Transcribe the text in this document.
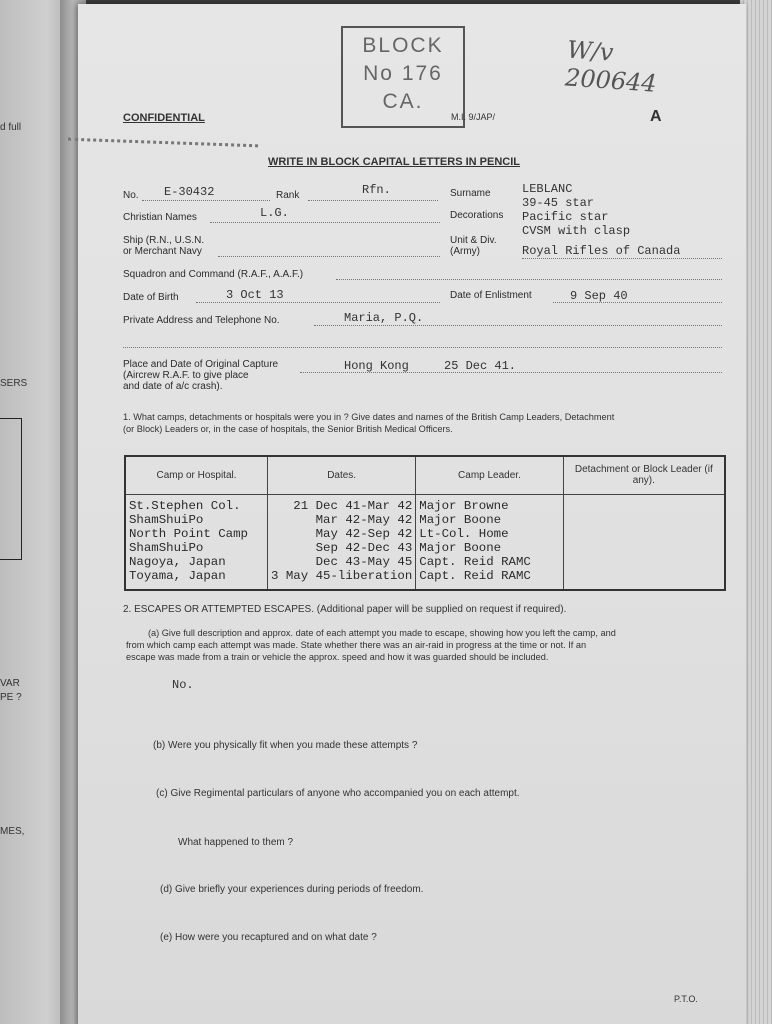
d full
SERS
VAR
PE ?
MES,
BLOCK
No 176
CA.
W/v 200644
A
CONFIDENTIAL	M.I. 9/JAP/
WRITE IN BLOCK CAPITAL LETTERS IN PENCIL
No. E-30432	Rank	Rfn.	Surname	LEBLANC
Christian Names	L.G.	Decorations
39-45 star
Pacific star
CVSM with clasp
Ship (R.N., U.S.N.
or Merchant Navy
Unit & Div.
(Army)	Royal Rifles of Canada
Squadron and Command (R.A.F., A.A.F.)
Date of Birth	3 Oct 13	Date of Enlistment	9 Sep 40
Private Address and Telephone No.	Maria, P.Q.
Place and Date of Original Capture
(Aircrew R.A.F. to give place
and date of a/c crash).
Hong Kong	25 Dec 41.
1. What camps, detachments or hospitals were you in ? Give dates and names of the British Camp Leaders, Detachment
(or Block) Leaders or, in the case of hospitals, the Senior British Medical Officers.
Camp or Hospital.	Dates.	Camp Leader.	Detachment or Block Leader (if any).
St.Stephen Col.	21 Dec 41-Mar 42	Major Browne	
ShamShuiPo	Mar 42-May 42	Major Boone	
North Point Camp	May 42-Sep 42	Lt-Col. Home	
ShamShuiPo	Sep 42-Dec 43	Major Boone	
Nagoya, Japan	Dec 43-May 45	Capt. Reid RAMC	
Toyama, Japan	3 May 45-liberation	Capt. Reid RAMC	
2. ESCAPES OR ATTEMPTED ESCAPES. (Additional paper will be supplied on request if required).
(a) Give full description and approx. date of each attempt you made to escape, showing how you left the camp, and
from which camp each attempt was made. State whether there was an air-raid in progress at the time or not. If an
escape was made from a train or vehicle the approx. speed and how it was guarded should be included.
No.
(b) Were you physically fit when you made these attempts ?
(c) Give Regimental particulars of anyone who accompanied you on each attempt.
What happened to them ?
(d) Give briefly your experiences during periods of freedom.
(e) How were you recaptured and on what date ?
P.T.O.
